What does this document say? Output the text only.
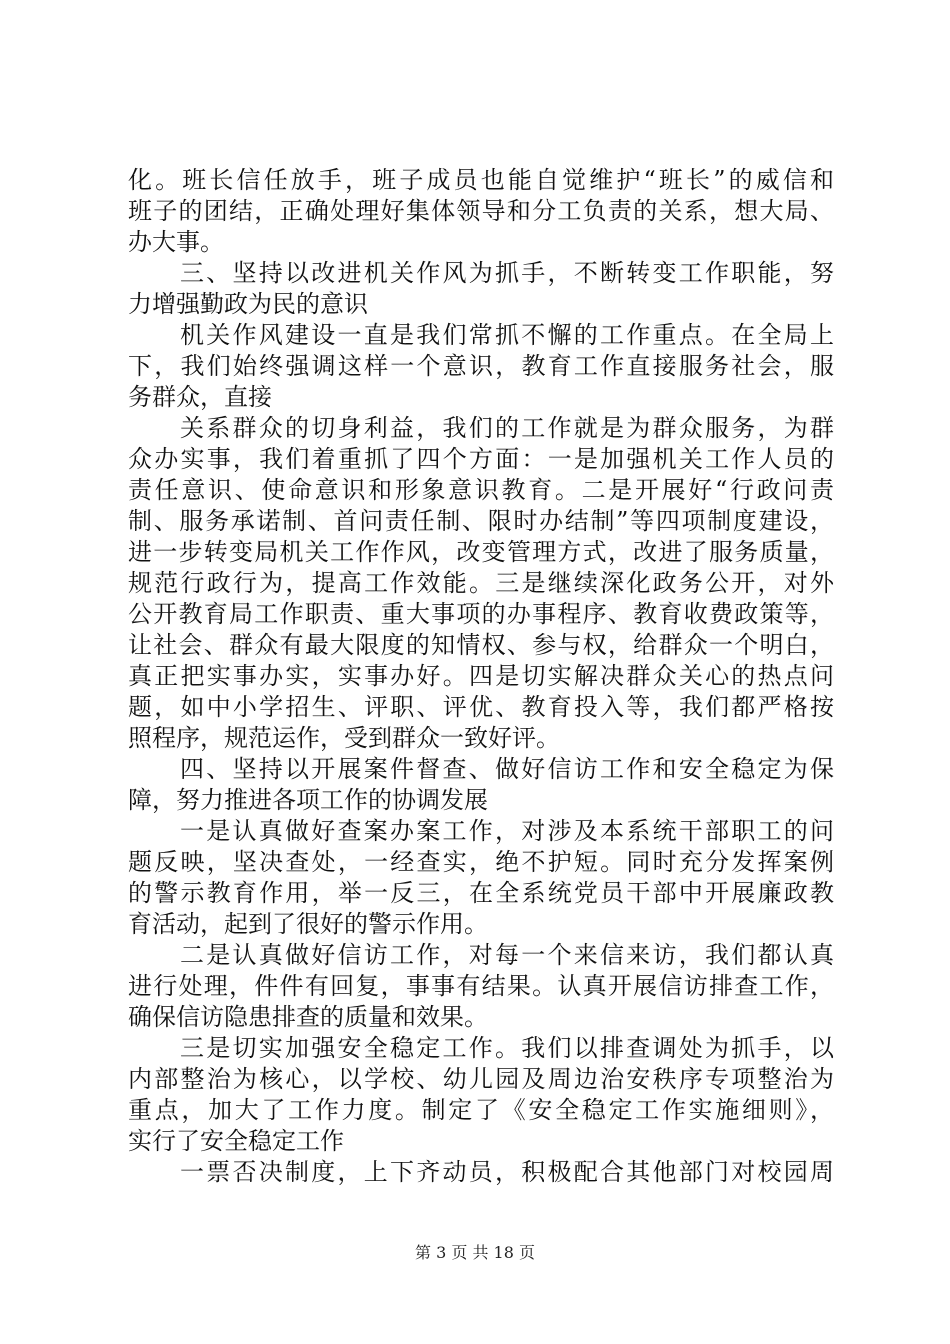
化。班长信任放手，班子成员也能自觉维护“班长”的威信和
班子的团结，正确处理好集体领导和分工负责的关系，想大局、
办大事。
三、坚持以改进机关作风为抓手，不断转变工作职能，努
力增强勤政为民的意识
机关作风建设一直是我们常抓不懈的工作重点。在全局上
下，我们始终强调这样一个意识，教育工作直接服务社会，服
务群众，直接
关系群众的切身利益，我们的工作就是为群众服务，为群
众办实事，我们着重抓了四个方面：一是加强机关工作人员的
责任意识、使命意识和形象意识教育。二是开展好“行政问责
制、服务承诺制、首问责任制、限时办结制”等四项制度建设，
进一步转变局机关工作作风，改变管理方式，改进了服务质量，
规范行政行为，提高工作效能。三是继续深化政务公开，对外
公开教育局工作职责、重大事项的办事程序、教育收费政策等，
让社会、群众有最大限度的知情权、参与权，给群众一个明白，
真正把实事办实，实事办好。四是切实解决群众关心的热点问
题，如中小学招生、评职、评优、教育投入等，我们都严格按
照程序，规范运作，受到群众一致好评。
四、坚持以开展案件督查、做好信访工作和安全稳定为保
障，努力推进各项工作的协调发展
一是认真做好查案办案工作，对涉及本系统干部职工的问
题反映，坚决查处，一经查实，绝不护短。同时充分发挥案例
的警示教育作用，举一反三，在全系统党员干部中开展廉政教
育活动，起到了很好的警示作用。
二是认真做好信访工作，对每一个来信来访，我们都认真
进行处理，件件有回复，事事有结果。认真开展信访排查工作，
确保信访隐患排查的质量和效果。
三是切实加强安全稳定工作。我们以排查调处为抓手，以
内部整治为核心，以学校、幼儿园及周边治安秩序专项整治为
重点，加大了工作力度。制定了《安全稳定工作实施细则》，
实行了安全稳定工作
一票否决制度，上下齐动员，积极配合其他部门对校园周
第 3 页 共 18 页
